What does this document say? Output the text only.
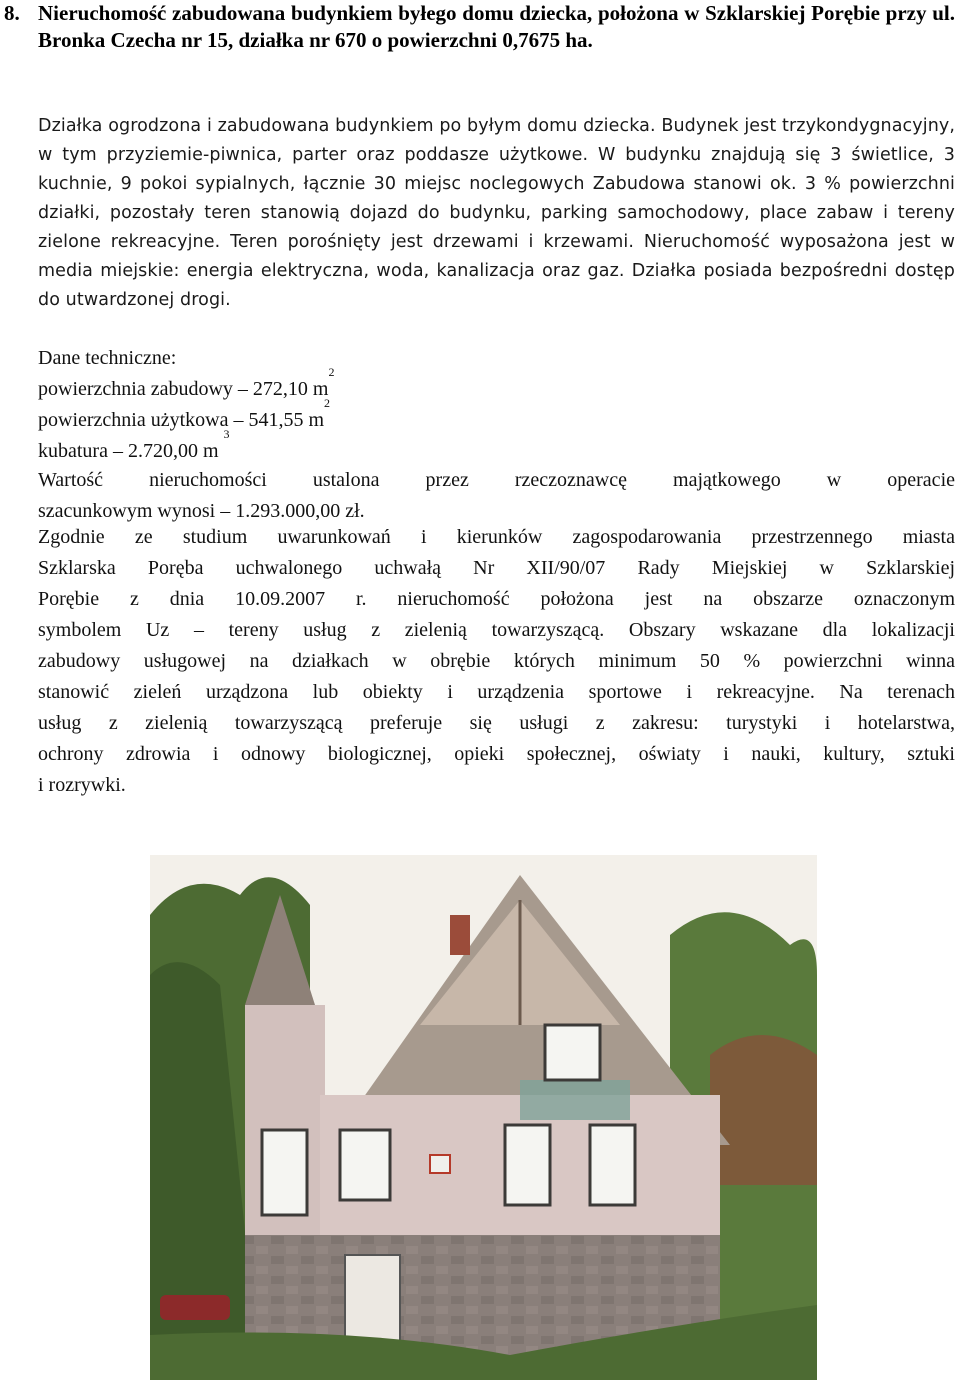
8. Nieruchomość zabudowana budynkiem byłego domu dziecka, położona w Szklarskiej Porębie przy ul. Bronka Czecha nr 15, działka nr 670 o powierzchni 0,7675 ha.
Działka ogrodzona i zabudowana budynkiem po byłym domu dziecka. Budynek jest trzykondygnacyjny, w tym przyziemie-piwnica, parter oraz poddasze użytkowe. W budynku znajdują się 3 świetlice, 3 kuchnie, 9 pokoi sypialnych, łącznie 30 miejsc noclegowych Zabudowa stanowi ok. 3 % powierzchni działki, pozostały teren stanowią dojazd do budynku, parking samochodowy, place zabaw i tereny zielone rekreacyjne. Teren porośnięty jest drzewami i krzewami. Nieruchomość wyposażona jest w media miejskie: energia elektryczna, woda, kanalizacja oraz gaz. Działka posiada bezpośredni dostęp do utwardzonej drogi.
Dane techniczne:
powierzchnia zabudowy – 272,10 $m^2$
powierzchnia użytkowa – 541,55 $m^2$
kubatura – 2.720,00 m $^3$
Wartość nieruchomości ustalona przez rzeczoznawcę majątkowego w operacie
szacunkowym wynosi – 1.293.000,00 zł.
Zgodnie ze studium uwarunkowań i kierunków zagospodarowania przestrzennego miasta
Szklarska Poręba uchwalonego uchwałą Nr XII/90/07 Rady Miejskiej w Szklarskiej
Porębie z dnia 10.09.2007 r. nieruchomość położona jest na obszarze oznaczonym
symbolem Uz – tereny usług z zielenią towarzyszącą. Obszary wskazane dla lokalizacji
zabudowy usługowej na działkach w obrębie których minimum 50 % powierzchni winna
stanowić zieleń urządzona lub obiekty i urządzenia sportowe i rekreacyjne. Na terenach
usług z zielenią towarzyszącą preferuje się usługi z zakresu: turystyki i hotelarstwa,
ochrony zdrowia i odnowy biologicznej, opieki społecznej, oświaty i nauki, kultury, sztuki
i rozrywki.
